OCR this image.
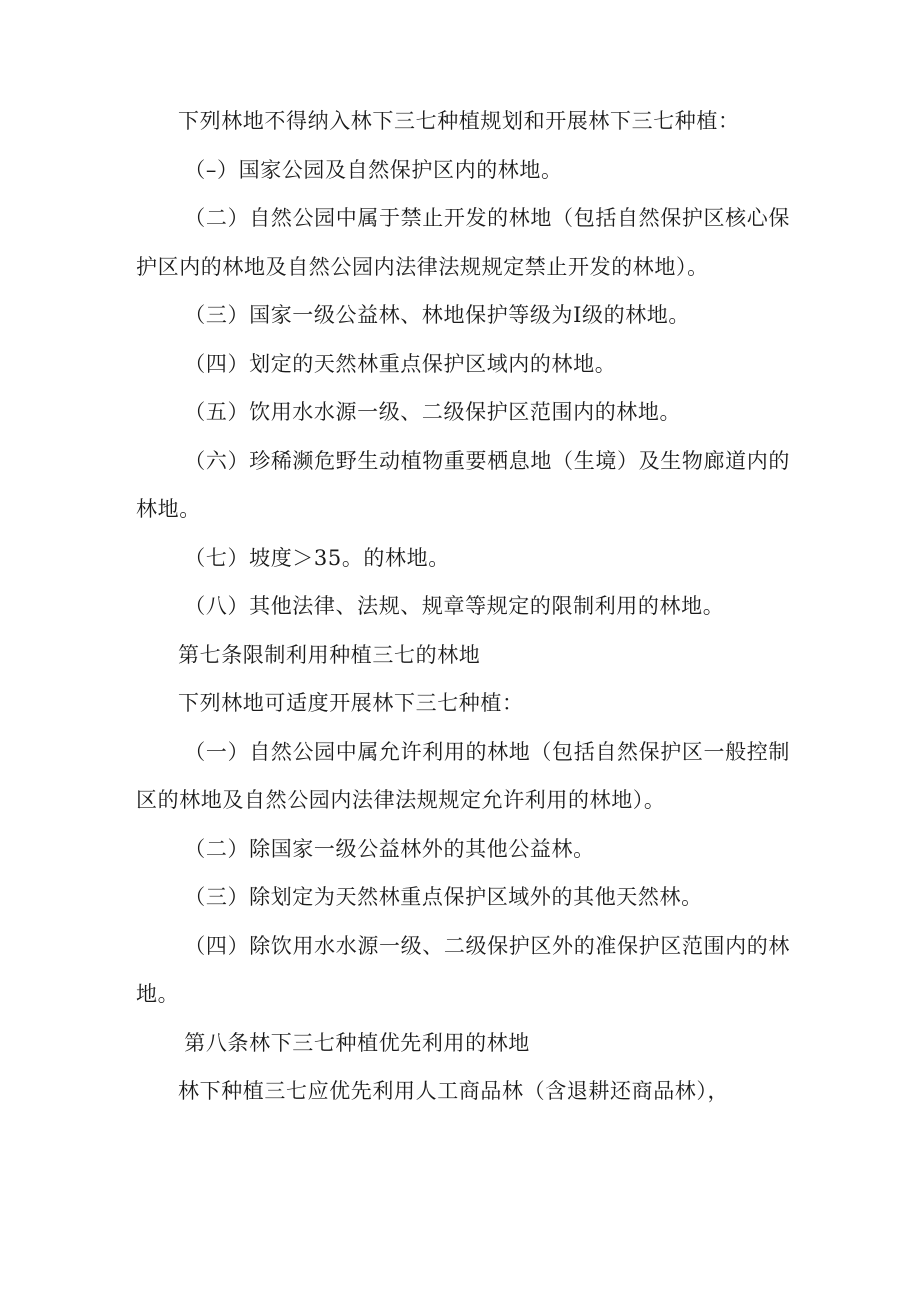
下列林地不得纳入林下三七种植规划和开展林下三七种植：

（–）国家公园及自然保护区内的林地。

（二）自然公园中属于禁止开发的林地（包括自然保护区核心保护区内的林地及自然公园内法律法规规定禁止开发的林地）。

（三）国家一级公益林、林地保护等级为Ⅰ级的林地。

（四）划定的天然林重点保护区域内的林地。

（五）饮用水水源一级、二级保护区范围内的林地。

（六）珍稀濒危野生动植物重要栖息地（生境）及生物廊道内的林地。

（七）坡度＞35。的林地。

（八）其他法律、法规、规章等规定的限制利用的林地。

第七条限制利用种植三七的林地

下列林地可适度开展林下三七种植：

（一）自然公园中属允许利用的林地（包括自然保护区一般控制区的林地及自然公园内法律法规规定允许利用的林地）。

（二）除国家一级公益林外的其他公益林。

（三）除划定为天然林重点保护区域外的其他天然林。

（四）除饮用水水源一级、二级保护区外的准保护区范围内的林地。

第八条林下三七种植优先利用的林地

林下种植三七应优先利用人工商品林（含退耕还商品林），
